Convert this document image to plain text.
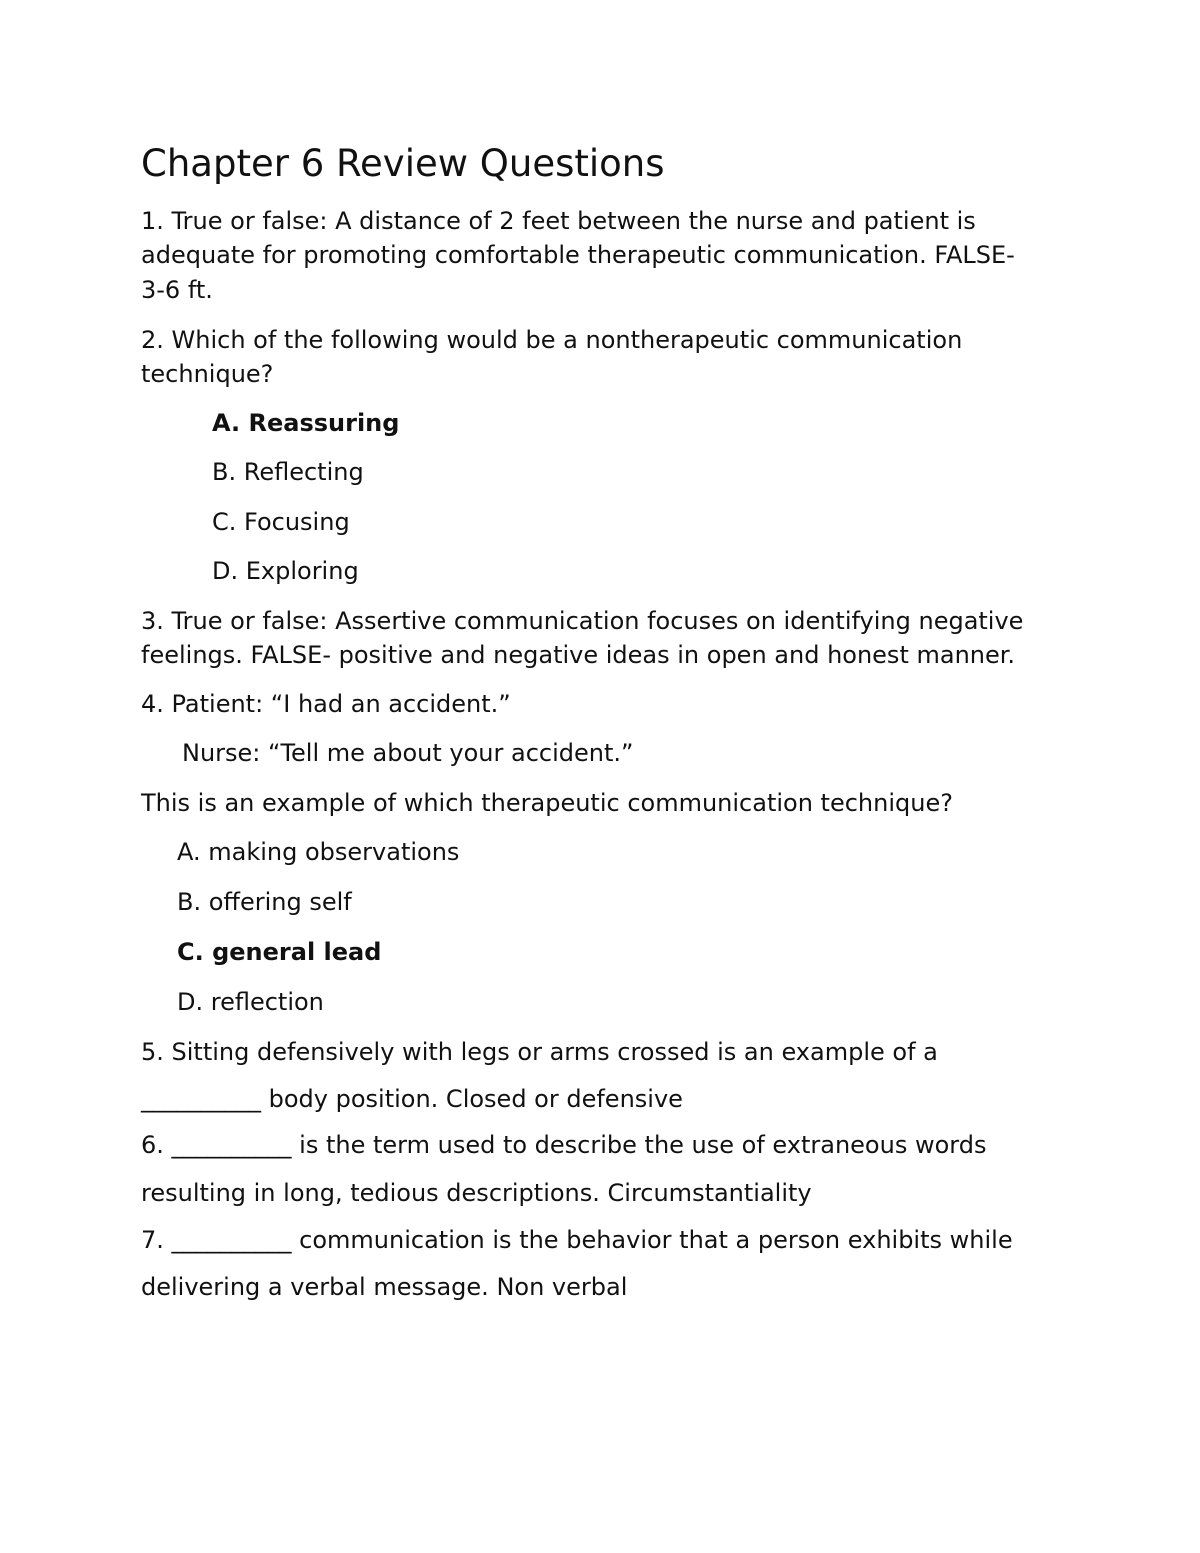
Chapter 6 Review Questions
1. True or false: A distance of 2 feet between the nurse and patient is
adequate for promoting comfortable therapeutic communication. FALSE-
3-6 ft.
2. Which of the following would be a nontherapeutic communication
technique?
A. Reassuring
B. Reflecting
C. Focusing
D. Exploring
3. True or false: Assertive communication focuses on identifying negative
feelings. FALSE- positive and negative ideas in open and honest manner.
4. Patient: “I had an accident.”
Nurse: “Tell me about your accident.”
This is an example of which therapeutic communication technique?
A. making observations
B. offering self
C. general lead
D. reflection
5. Sitting defensively with legs or arms crossed is an example of a
__________ body position. Closed or defensive
6. __________ is the term used to describe the use of extraneous words
resulting in long, tedious descriptions. Circumstantiality
7. __________ communication is the behavior that a person exhibits while
delivering a verbal message. Non verbal
